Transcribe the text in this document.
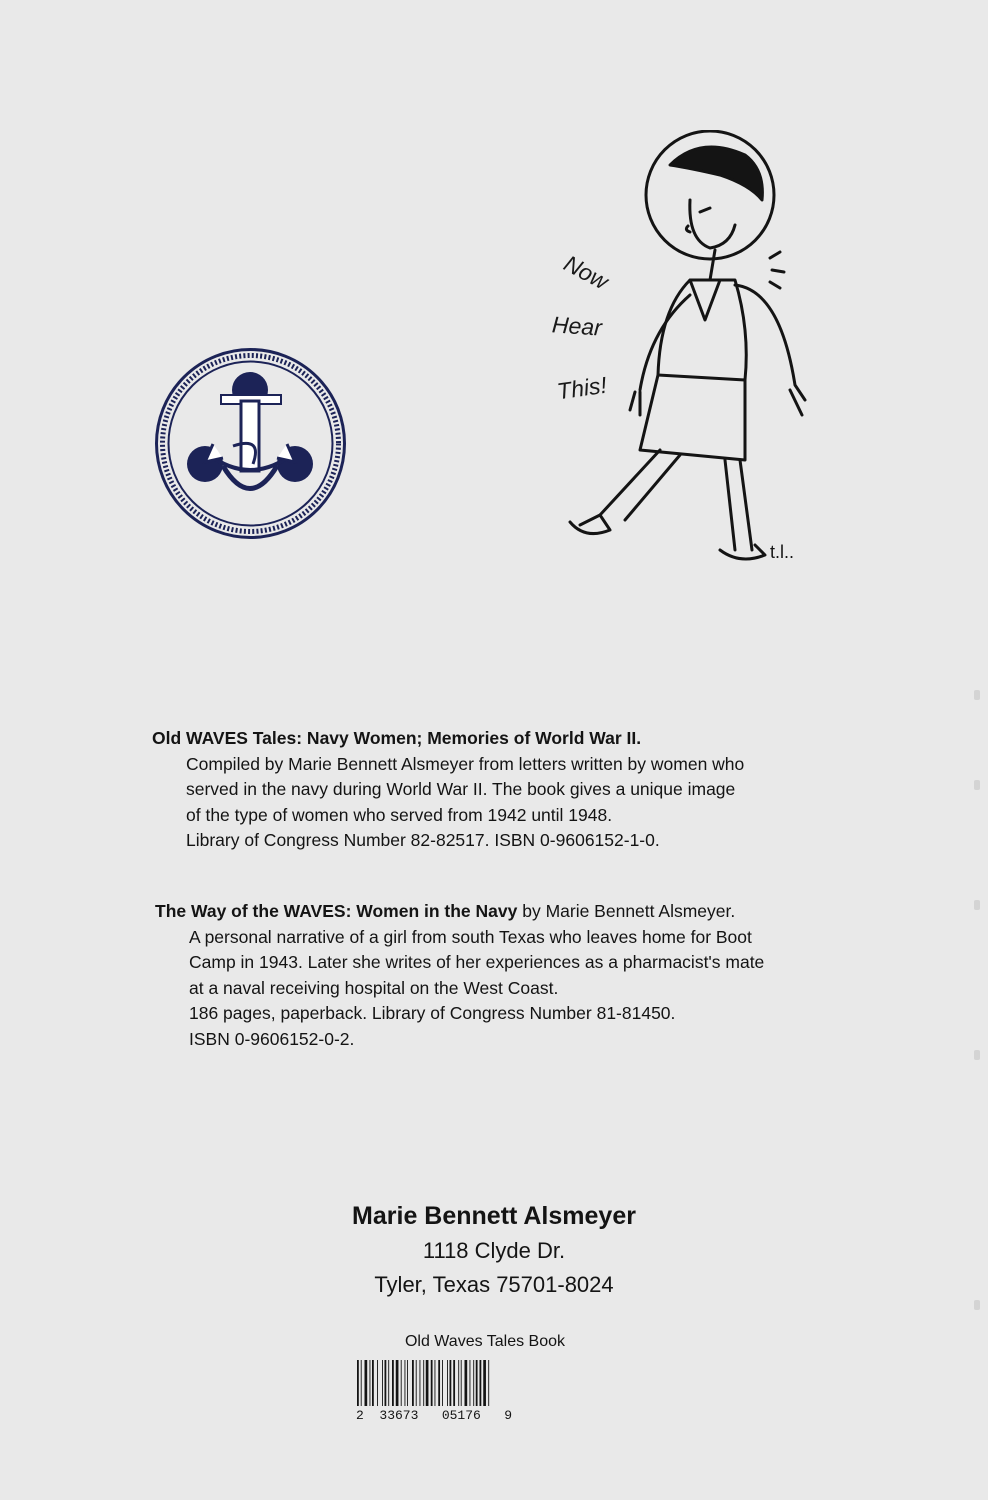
t.l..
Now
Hear
This!
Old WAVES Tales: Navy Women; Memories of World War II.
Compiled by Marie Bennett Alsmeyer from letters written by women who
served in the navy during World War II. The book gives a unique image
of the type of women who served from 1942 until 1948.
Library of Congress Number 82-82517. ISBN 0-9606152-1-0.
The Way of the WAVES: Women in the Navy by Marie Bennett Alsmeyer.
A personal narrative of a girl from south Texas who leaves home for Boot
Camp in 1943. Later she writes of her experiences as a pharmacist's mate
at a naval receiving hospital on the West Coast.
186 pages, paperback. Library of Congress Number 81-81450.
ISBN 0-9606152-0-2.
Marie Bennett Alsmeyer
1118 Clyde Dr.
Tyler, Texas 75701-8024
Old Waves Tales Book
2  33673   05176   9
